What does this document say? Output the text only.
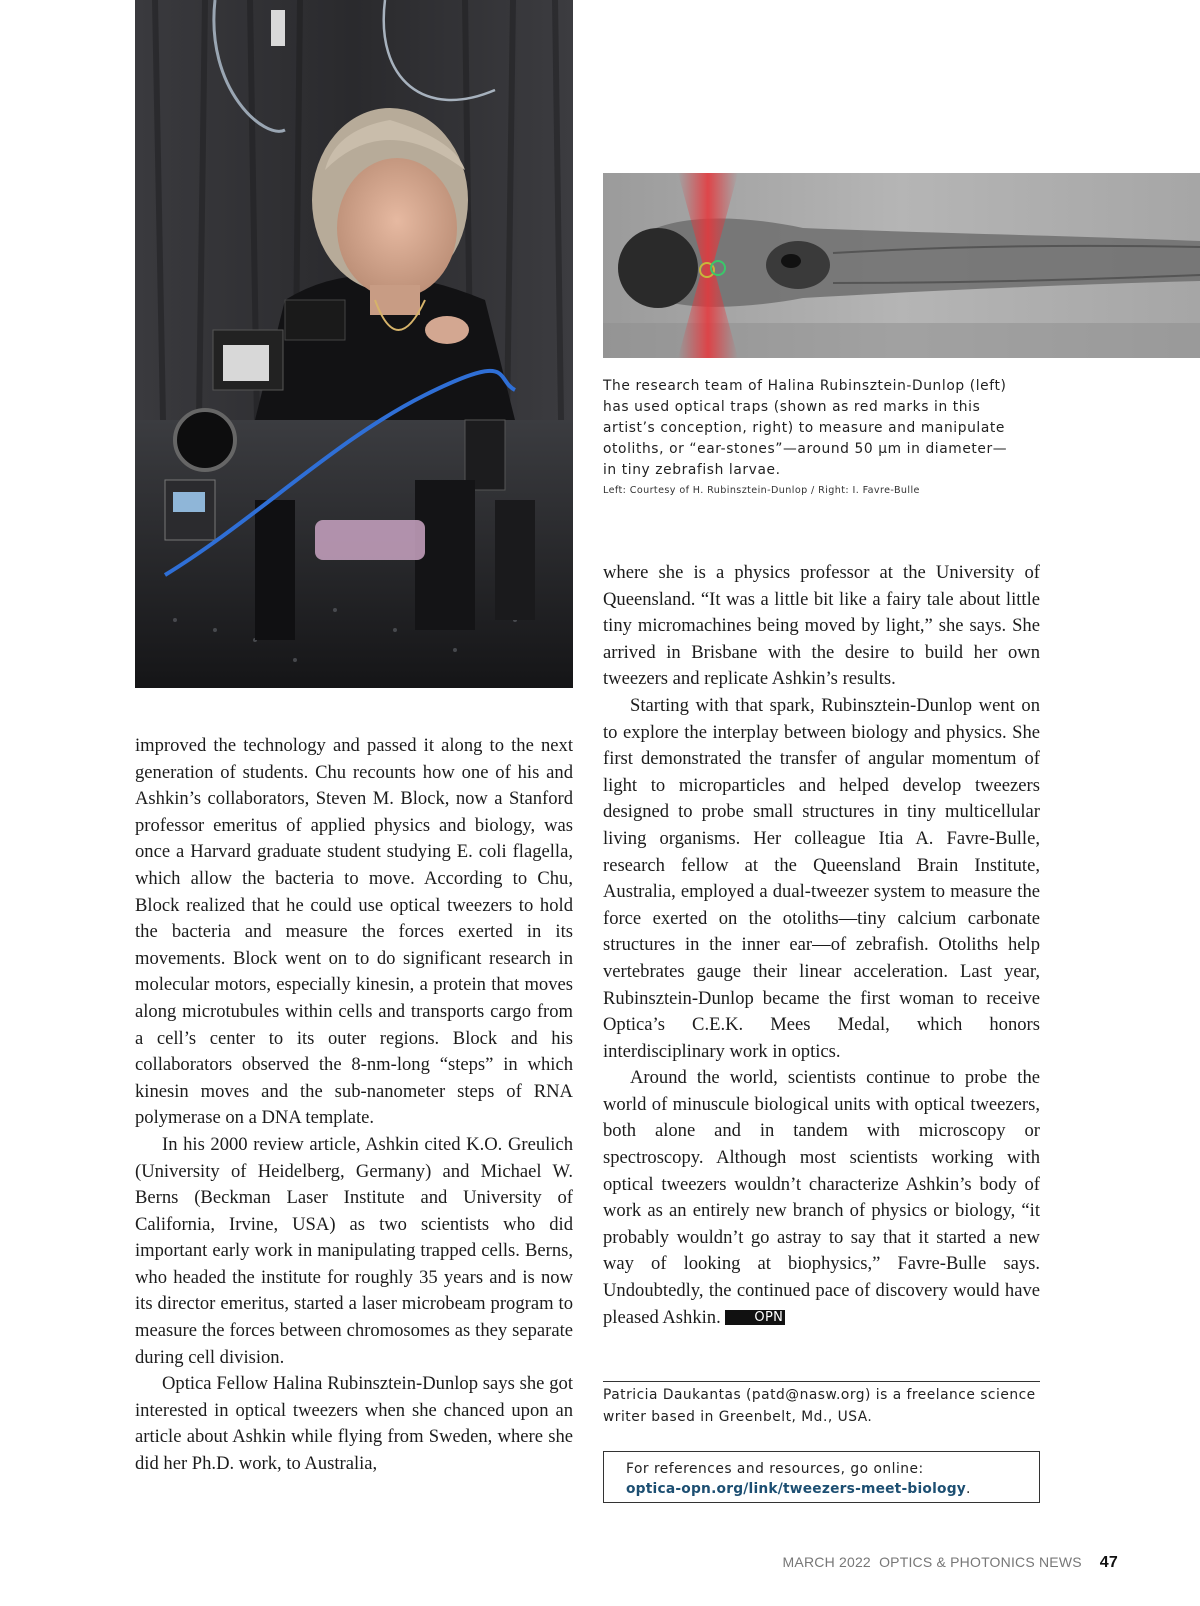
The research team of Halina Rubinsztein-Dunlop (left)

has used optical traps (shown as red marks in this

artist’s conception, right) to measure and manipulate

otoliths, or “ear-stones”—around 50 µm in diameter—

in tiny zebrafish larvae.

Left: Courtesy of H. Rubinsztein-Dunlop / Right: I. Favre-Bulle

improved the technology and passed it along to the next generation of students. Chu recounts how one of his and Ashkin’s collaborators, Steven M. Block, now a Stanford professor emeritus of applied physics and biology, was once a Harvard graduate student studying E. coli flagella, which allow the bacteria to move. According to Chu, Block realized that he could use optical tweezers to hold the bacteria and measure the forces exerted in its movements. Block went on to do significant research in molecular motors, especially kinesin, a protein that moves along microtubules within cells and transports cargo from a cell’s center to its outer regions. Block and his collaborators observed the 8-nm-long “steps” in which kinesin moves and the sub-nanometer steps of RNA polymerase on a DNA template.

In his 2000 review article, Ashkin cited K.O. Greulich (University of Heidelberg, Germany) and Michael W. Berns (Beckman Laser Institute and University of California, Irvine, USA) as two scientists who did important early work in manipulating trapped cells. Berns, who headed the institute for roughly 35 years and is now its director emeritus, started a laser microbeam program to measure the forces between chromosomes as they separate during cell division.

Optica Fellow Halina Rubinsztein-Dunlop says she got interested in optical tweezers when she chanced upon an article about Ashkin while flying from Sweden, where she did her Ph.D. work, to Australia,

where she is a physics professor at the University of Queensland. “It was a little bit like a fairy tale about little tiny micromachines being moved by light,” she says. She arrived in Brisbane with the desire to build her own tweezers and replicate Ashkin’s results.

Starting with that spark, Rubinsztein-Dunlop went on to explore the interplay between biology and physics. She first demonstrated the transfer of angular momentum of light to microparticles and helped develop tweezers designed to probe small structures in tiny multicellular living organisms. Her colleague Itia A. Favre-Bulle, research fellow at the Queensland Brain Institute, Australia, employed a dual-tweezer system to measure the force exerted on the otoliths—tiny calcium carbonate structures in the inner ear—of zebrafish. Otoliths help vertebrates gauge their linear acceleration. Last year, Rubinsztein-Dunlop became the first woman to receive Optica’s C.E.K. Mees Medal, which honors interdisciplinary work in optics.

Around the world, scientists continue to probe the world of minuscule biological units with optical tweezers, both alone and in tandem with microscopy or spectroscopy. Although most scientists working with optical tweezers wouldn’t characterize Ashkin’s body of work as an entirely new branch of physics or biology, “it probably wouldn’t go astray to say that it started a new way of looking at biophysics,” Favre-Bulle says. Undoubtedly, the continued pace of discovery would have pleased Ashkin.	OPN

Patricia Daukantas (patd@nasw.org) is a freelance science
writer based in Greenbelt, Md., USA.
For references and resources, go online:
optica-opn.org/link/tweezers-meet-biology.
MARCH 2022  OPTICS & PHOTONICS NEWS 47
